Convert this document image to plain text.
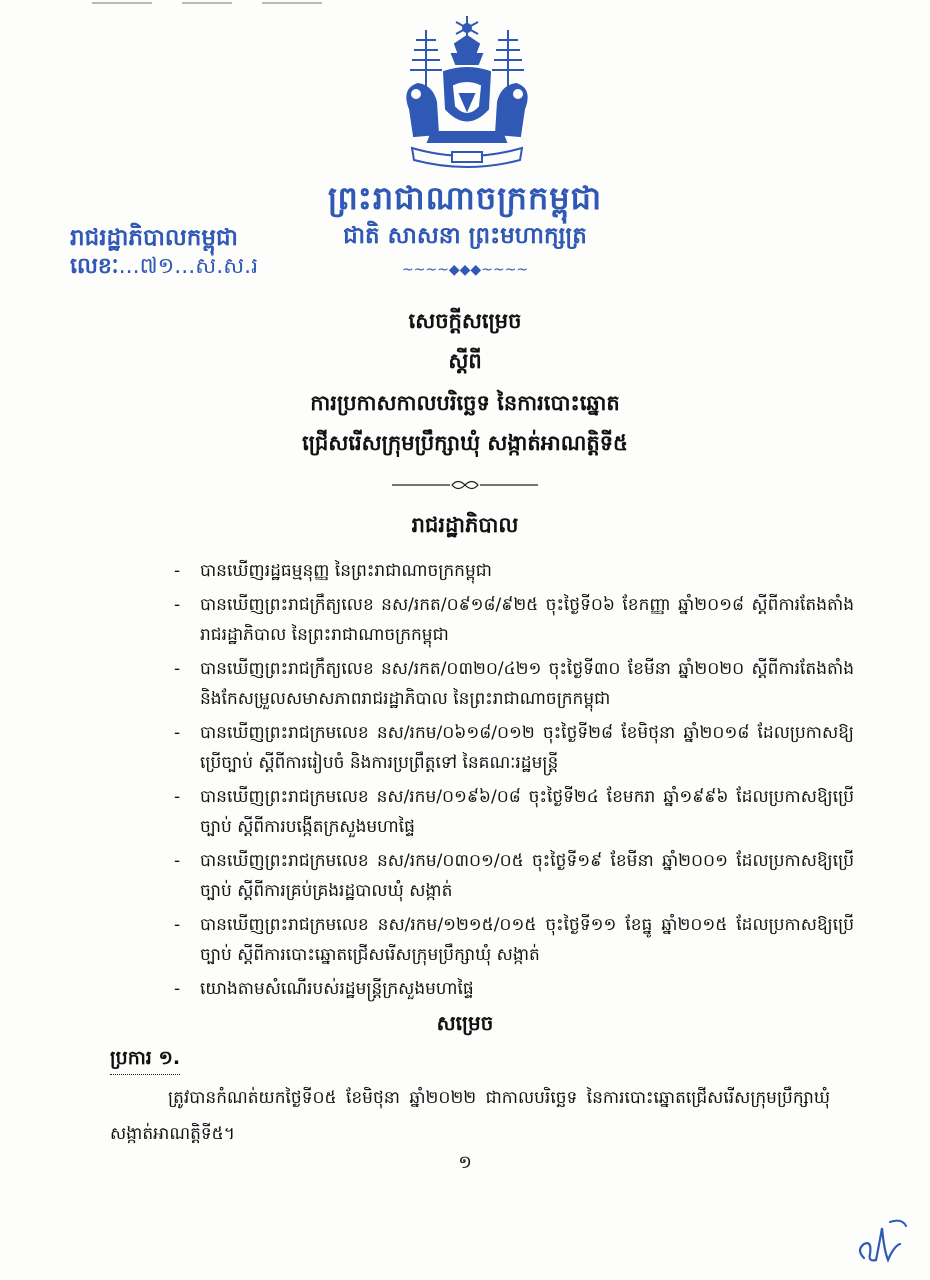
ព្រះរាជាណាចក្រកម្ពុជា
ជាតិ សាសនា ព្រះមហាក្សត្រ
~~~~◆◆◆~~~~
រាជរដ្ឋាភិបាលកម្ពុជា
លេខៈ...៧១...ស.ស.រ
សេចក្តីសម្រេច
ស្តីពី
ការប្រកាសកាលបរិច្ឆេទ នៃការបោះឆ្នោត
ជ្រើសរើសក្រុមប្រឹក្សាឃុំ សង្កាត់អាណត្តិទី៥
រាជរដ្ឋាភិបាល
-	បានឃើញរដ្ឋធម្មនុញ្ញ នៃព្រះរាជាណាចក្រកម្ពុជា
-	បានឃើញព្រះរាជក្រឹត្យលេខ នស/រកត/០៩១៨/៩២៥ ចុះថ្ងៃទី០៦ ខែកញ្ញា ឆ្នាំ២០១៨ ស្តីពីការតែងតាំងរាជរដ្ឋាភិបាល នៃព្រះរាជាណាចក្រកម្ពុជា
-	បានឃើញព្រះរាជក្រឹត្យលេខ នស/រកត/០៣២០/៤២១ ចុះថ្ងៃទី៣០ ខែមីនា ឆ្នាំ២០២០ ស្តីពីការតែងតាំង និងកែសម្រួលសមាសភាពរាជរដ្ឋាភិបាល នៃព្រះរាជាណាចក្រកម្ពុជា
-	បានឃើញព្រះរាជក្រមលេខ នស/រកម/០៦១៨/០១២ ចុះថ្ងៃទី២៨ ខែមិថុនា ឆ្នាំ២០១៨ ដែលប្រកាសឱ្យប្រើច្បាប់ ស្តីពីការរៀបចំ និងការប្រព្រឹត្តទៅ នៃគណៈរដ្ឋមន្ត្រី
-	បានឃើញព្រះរាជក្រមលេខ នស/រកម/០១៩៦/០៨ ចុះថ្ងៃទី២៤ ខែមករា ឆ្នាំ១៩៩៦ ដែលប្រកាសឱ្យប្រើច្បាប់ ស្តីពីការបង្កើតក្រសួងមហាផ្ទៃ
-	បានឃើញព្រះរាជក្រមលេខ នស/រកម/០៣០១/០៥ ចុះថ្ងៃទី១៩ ខែមីនា ឆ្នាំ២០០១ ដែលប្រកាសឱ្យប្រើច្បាប់ ស្តីពីការគ្រប់គ្រងរដ្ឋបាលឃុំ សង្កាត់
-	បានឃើញព្រះរាជក្រមលេខ នស/រកម/១២១៥/០១៥ ចុះថ្ងៃទី១១ ខែធ្នូ ឆ្នាំ២០១៥ ដែលប្រកាសឱ្យប្រើច្បាប់ ស្តីពីការបោះឆ្នោតជ្រើសរើសក្រុមប្រឹក្សាឃុំ សង្កាត់
-	យោងតាមសំណើរបស់រដ្ឋមន្ត្រីក្រសួងមហាផ្ទៃ
សម្រេច
ប្រការ ១.
ត្រូវបានកំណត់យកថ្ងៃទី០៥ ខែមិថុនា ឆ្នាំ២០២២ ជាកាលបរិច្ឆេទ នៃការបោះឆ្នោតជ្រើសរើសក្រុមប្រឹក្សាឃុំ សង្កាត់អាណត្តិទី៥។
១
